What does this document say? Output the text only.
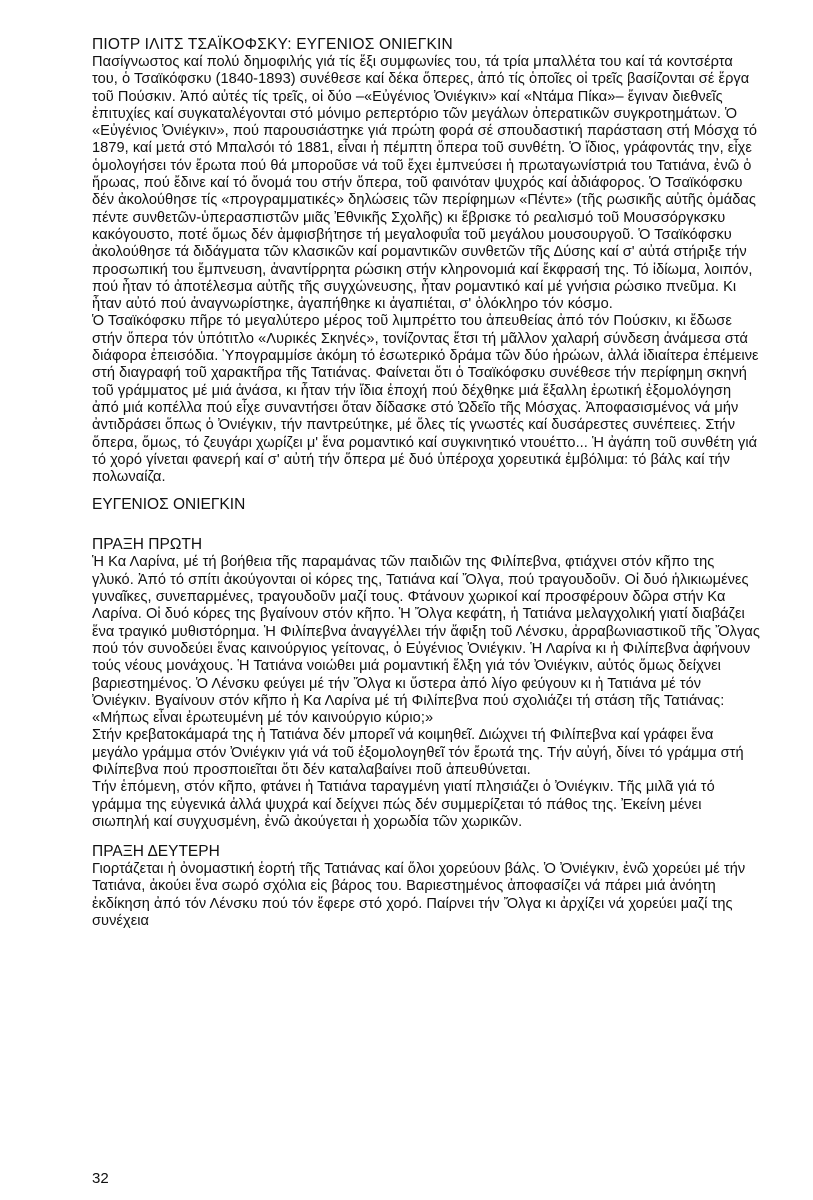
ΠΙΟΤΡ ΙΛΙΤΣ ΤΣΑΪΚΟΦΣΚΥ: ΕΥΓΕΝΙΟΣ ΟΝΙΕΓΚΙΝ

Πασίγνωστος καί πολύ δημοφιλής γιά τίς ἕξι συμφωνίες του, τά τρία μπαλλέτα του καί τά κοντσέρτα του, ὁ Τσαϊκόφσκυ (1840-1893) συνέθεσε καί δέκα ὅπερες, ἀπό τίς ὁποῖες οἱ τρεῖς βασίζονται σέ ἔργα τοῦ Πούσκιν. Ἀπό αὐτές τίς τρεῖς, οἱ δύο –«Εὐγένιος Ὀνιέγκιν» καί «Ντάμα Πίκα»– ἔγιναν διεθνεῖς ἐπιτυχίες καί συγκαταλέγονται στό μόνιμο ρεπερτόριο τῶν μεγάλων ὀπερατικῶν συγκροτημάτων. Ὁ «Εὐγένιος Ὀνιέγκιν», πού παρουσιάστηκε γιά πρώτη φορά σέ σπουδαστική παράσταση στή Μόσχα τό 1879, καί μετά στό Μπαλσόι τό 1881, εἶναι ἡ πέμπτη ὅπερα τοῦ συνθέτη. Ὁ ἴδιος, γράφοντάς την, εἶχε ὁμολογήσει τόν ἔρωτα πού θά μποροῦσε νά τοῦ ἔχει ἐμπνεύσει ἡ πρωταγωνίστριά του Τατιάνα, ἐνῶ ὁ ἥρωας, πού ἔδινε καί τό ὄνομά του στήν ὅπερα, τοῦ φαινόταν ψυχρός καί ἀδιάφορος. Ὁ Τσαϊκόφσκυ δέν ἀκολούθησε τίς «προγραμματικές» δηλώσεις τῶν περίφημων «Πέντε» (τῆς ρωσικῆς αὐτῆς ὁμάδας πέντε συνθετῶν-ὑπερασπιστῶν μιᾶς Ἐθνικῆς Σχολῆς) κι ἔβρισκε τό ρεαλισμό τοῦ Μουσσόργκσκυ κακόγουστο, ποτέ ὅμως δέν ἀμφισβήτησε τή μεγαλοφυΐα τοῦ μεγάλου μουσουργοῦ. Ὁ Τσαϊκόφσκυ ἀκολούθησε τά διδάγματα τῶν κλασικῶν καί ρομαντικῶν συνθετῶν τῆς Δύσης καί σ' αὐτά στήριξε τήν προσωπική του ἔμπνευση, ἀναντίρρητα ρώσικη στήν κληρονομιά καί ἔκφρασή της. Τό ἰδίωμα, λοιπόν, πού ἦταν τό ἀποτέλεσμα αὐτῆς τῆς συγχώνευσης, ἦταν ρομαντικό καί μέ γνήσια ρώσικο πνεῦμα. Κι ἦταν αὐτό πού ἀναγνωρίστηκε, ἀγαπήθηκε κι ἀγαπιέται, σ' ὁλόκληρο τόν κόσμο.

Ὁ Τσαϊκόφσκυ πῆρε τό μεγαλύτερο μέρος τοῦ λιμπρέττο του ἀπευθείας ἀπό τόν Πούσκιν, κι ἔδωσε στήν ὅπερα τόν ὑπότιτλο «Λυρικές Σκηνές», τονίζοντας ἔτσι τή μᾶλλον χαλαρή σύνδεση ἀνάμεσα στά διάφορα ἐπεισόδια. Ὑπογραμμίσε ἀκόμη τό ἐσωτερικό δράμα τῶν δύο ἡρώων, ἀλλά ἰδιαίτερα ἐπέμεινε στή διαγραφή τοῦ χαρακτῆρα τῆς Τατιάνας. Φαίνεται ὅτι ὁ Τσαϊκόφσκυ συνέθεσε τήν περίφημη σκηνή τοῦ γράμματος μέ μιά ἀνάσα, κι ἦταν τήν ἴδια ἐποχή πού δέχθηκε μιά ἔξαλλη ἐρωτική ἐξομολόγηση ἀπό μιά κοπέλλα πού εἶχε συναντήσει ὅταν δίδασκε στό Ὠδεῖο τῆς Μόσχας. Ἀποφασισμένος νά μήν ἀντιδράσει ὅπως ὁ Ὀνιέγκιν, τήν παντρεύτηκε, μέ ὅλες τίς γνωστές καί δυσάρεστες συνέπειες. Στήν ὅπερα, ὅμως, τό ζευγάρι χωρίζει μ' ἕνα ρομαντικό καί συγκινητικό ντουέττο... Ἡ ἀγάπη τοῦ συνθέτη γιά τό χορό γίνεται φανερή καί σ' αὐτή τήν ὅπερα μέ δυό ὑπέροχα χορευτικά ἐμβόλιμα: τό βάλς καί τήν πολωναίζα.

ΕΥΓΕΝΙΟΣ ΟΝΙΕΓΚΙΝ
ΠΡΑΞΗ ΠΡΩΤΗ

Ἡ Κα Λαρίνα, μέ τή βοήθεια τῆς παραμάνας τῶν παιδιῶν της Φιλίπεβνα, φτιάχνει στόν κῆπο της γλυκό. Ἀπό τό σπίτι ἀκούγονται οἱ κόρες της, Τατιάνα καί Ὄλγα, πού τραγουδοῦν. Οἱ δυό ἡλικιωμένες γυναῖκες, συνεπαρμένες, τραγουδοῦν μαζί τους. Φτάνουν χωρικοί καί προσφέρουν δῶρα στήν Κα Λαρίνα. Οἱ δυό κόρες της βγαίνουν στόν κῆπο. Ἡ Ὄλγα κεφάτη, ἡ Τατιάνα μελαγχολική γιατί διαβάζει ἕνα τραγικό μυθιστόρημα. Ἡ Φιλίπεβνα ἀναγγέλλει τήν ἄφιξη τοῦ Λένσκυ, ἀρραβωνιαστικοῦ τῆς Ὄλγας πού τόν συνοδεύει ἕνας καινούργιος γείτονας, ὁ Εὐγένιος Ὀνιέγκιν. Ἡ Λαρίνα κι ἡ Φιλίπεβνα ἀφήνουν τούς νέους μονάχους. Ἡ Τατιάνα νοιώθει μιά ρομαντική ἕλξη γιά τόν Ὀνιέγκιν, αὐτός ὅμως δείχνει βαριεστημένος. Ὁ Λένσκυ φεύγει μέ τήν Ὄλγα κι ὕστερα ἀπό λίγο φεύγουν κι ἡ Τατιάνα μέ τόν Ὀνιέγκιν. Βγαίνουν στόν κῆπο ἡ Κα Λαρίνα μέ τή Φιλίπεβνα πού σχολιάζει τή στάση τῆς Τατιάνας: «Μήπως εἶναι ἐρωτευμένη μέ τόν καινούργιο κύριο;»

Στήν κρεβατοκάμαρά της ἡ Τατιάνα δέν μπορεῖ νά κοιμηθεῖ. Διώχνει τή Φιλίπεβνα καί γράφει ἕνα μεγάλο γράμμα στόν Ὀνιέγκιν γιά νά τοῦ ἐξομολογηθεῖ τόν ἔρωτά της. Τήν αὐγή, δίνει τό γράμμα στή Φιλίπεβνα πού προσποιεῖται ὅτι δέν καταλαβαίνει ποῦ ἀπευθύνεται.

Τήν ἑπόμενη, στόν κῆπο, φτάνει ἡ Τατιάνα ταραγμένη γιατί πλησιάζει ὁ Ὀνιέγκιν. Τῆς μιλᾶ γιά τό γράμμα της εὐγενικά ἀλλά ψυχρά καί δείχνει πώς δέν συμμερίζεται τό πάθος της. Ἐκείνη μένει σιωπηλή καί συγχυσμένη, ἐνῶ ἀκούγεται ἡ χορωδία τῶν χωρικῶν.

ΠΡΑΞΗ ΔΕΥΤΕΡΗ

Γιορτάζεται ἡ ὀνομαστική ἑορτή τῆς Τατιάνας καί ὅλοι χορεύουν βάλς. Ὁ Ὀνιέγκιν, ἐνῶ χορεύει μέ τήν Τατιάνα, ἀκούει ἕνα σωρό σχόλια εἰς βάρος του. Βαριεστημένος ἀποφασίζει νά πάρει μιά ἀνόητη ἐκδίκηση ἀπό τόν Λένσκυ πού τόν ἔφερε στό χορό. Παίρνει τήν Ὄλγα κι ἀρχίζει νά χορεύει μαζί της συνέχεια

32
